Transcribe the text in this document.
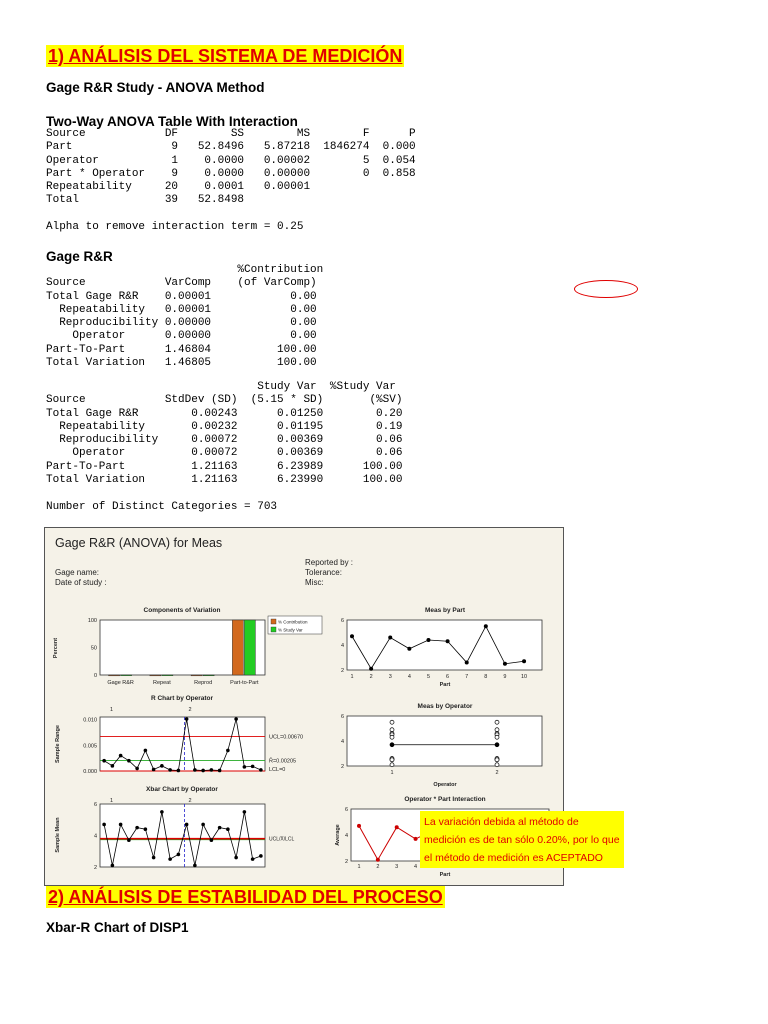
1) ANÁLISIS DEL SISTEMA DE MEDICIÓN
Gage R&R Study - ANOVA Method
Two-Way ANOVA Table With Interaction
Source            DF        SS        MS        F      P
Part               9   52.8496   5.87218  1846274  0.000
Operator           1    0.0000   0.00002        5  0.054
Part * Operator    9    0.0000   0.00000        0  0.858
Repeatability     20    0.0001   0.00001
Total             39   52.8498

Alpha to remove interaction term = 0.25
Gage R&R
%Contribution
Source            VarComp    (of VarComp)
Total Gage R&R    0.00001            0.00
Repeatability   0.00001            0.00
Reproducibility 0.00000            0.00
Operator      0.00000            0.00
Part-To-Part      1.46804          100.00
Total Variation   1.46805          100.00
Study Var  %Study Var
Source            StdDev (SD)  (5.15 * SD)       (%SV)
Total Gage R&R        0.00243      0.01250        0.20
Repeatability       0.00232      0.01195        0.19
Reproducibility     0.00072      0.00369        0.06
Operator          0.00072      0.00369        0.06
Part-To-Part          1.21163      6.23989      100.00
Total Variation       1.21163      6.23990      100.00
Number of Distinct Categories = 703
Gage R&R (ANOVA) for Meas
Gage name:
Date of study :
Reported by :
Tolerance:
Misc:
Components of Variation
0
50
100
Percent
Gage R&R	Repeat	Reprod	Part-to-Part
% Contribution
% Study Var
Meas by Part
2
4
6
1	2	3	4	5	6	7	8	9	10
Part
R Chart by Operator
0.000
0.005
0.010
Sample Range
1	2
UCL=0.00670
R̄=0.00205
LCL=0
Meas by Operator
2
4
6
1	2
Operator
Xbar Chart by Operator
2
4
6
Sample Mean
1	2
UCL/X̄/LCL
Operator * Part Interaction
2
4
6
Average
1	2	3	4
Part
La variación debida al método de medición es de tan sólo 0.20%, por lo que el método de medición es ACEPTADO
2) ANÁLISIS DE ESTABILIDAD DEL PROCESO
Xbar-R Chart of DISP1
